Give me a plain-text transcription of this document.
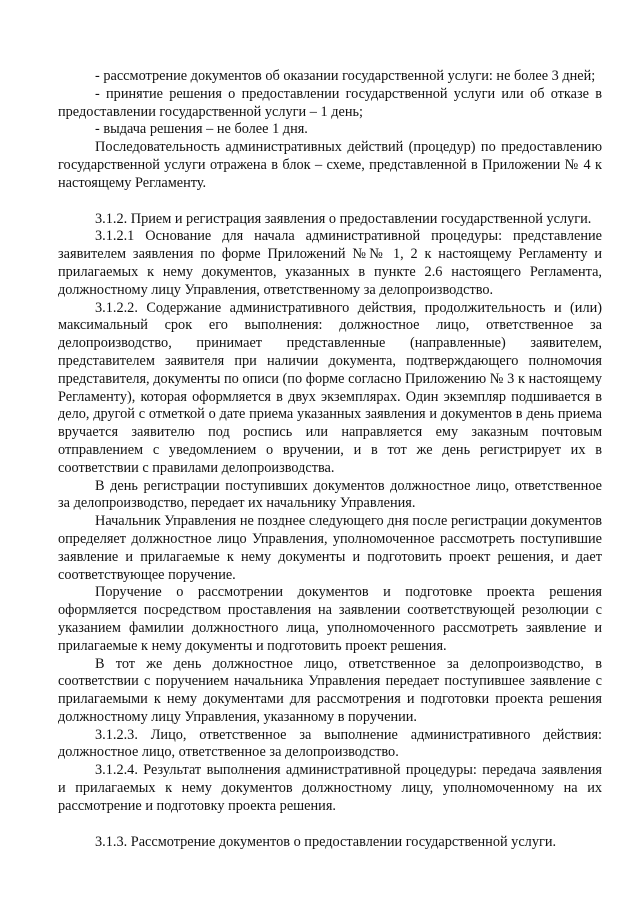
- рассмотрение документов об оказании государственной услуги: не более 3 дней;

- принятие решения о предоставлении государственной услуги или об отказе в предоставлении государственной услуги – 1 день;

- выдача решения – не более 1 дня.

Последовательность административных действий (процедур) по предоставлению государственной услуги отражена в блок – схеме, представленной в Приложении № 4 к настоящему Регламенту.

3.1.2. Прием и регистрация заявления о предоставлении государственной услуги.

3.1.2.1 Основание для начала административной процедуры: представление заявителем заявления по форме Приложений №№ 1, 2 к настоящему Регламенту и прилагаемых к нему документов, указанных в пункте 2.6 настоящего Регламента, должностному лицу Управления, ответственному за делопроизводство.

3.1.2.2. Содержание административного действия, продолжительность и (или) максимальный срок его выполнения: должностное лицо, ответственное за делопроизводство, принимает представленные (направленные) заявителем, представителем заявителя при наличии документа, подтверждающего полномочия представителя, документы по описи (по форме согласно Приложению № 3 к настоящему Регламенту), которая оформляется в двух экземплярах. Один экземпляр подшивается в дело, другой с отметкой о дате приема указанных заявления и документов в день приема вручается заявителю под роспись или направляется ему заказным почтовым отправлением с уведомлением о вручении, и в тот же день регистрирует их в соответствии с правилами делопроизводства.

В день регистрации поступивших документов должностное лицо, ответственное за делопроизводство, передает их начальнику Управления.

Начальник Управления не позднее следующего дня после регистрации документов определяет должностное лицо Управления, уполномоченное рассмотреть поступившие заявление и прилагаемые к нему документы и подготовить проект решения, и дает соответствующее поручение.

Поручение о рассмотрении документов и подготовке проекта решения оформляется посредством проставления на заявлении соответствующей резолюции с указанием фамилии должностного лица, уполномоченного рассмотреть заявление и прилагаемые к нему документы и подготовить проект решения.

В тот же день должностное лицо, ответственное за делопроизводство, в соответствии с поручением начальника Управления передает поступившее заявление с прилагаемыми к нему документами для рассмотрения и подготовки проекта решения должностному лицу Управления, указанному в поручении.

3.1.2.3. Лицо, ответственное за выполнение административного действия: должностное лицо, ответственное за делопроизводство.

3.1.2.4. Результат выполнения административной процедуры: передача заявления и прилагаемых к нему документов должностному лицу, уполномоченному на их рассмотрение и подготовку проекта решения.

3.1.3. Рассмотрение документов о предоставлении государственной услуги.
